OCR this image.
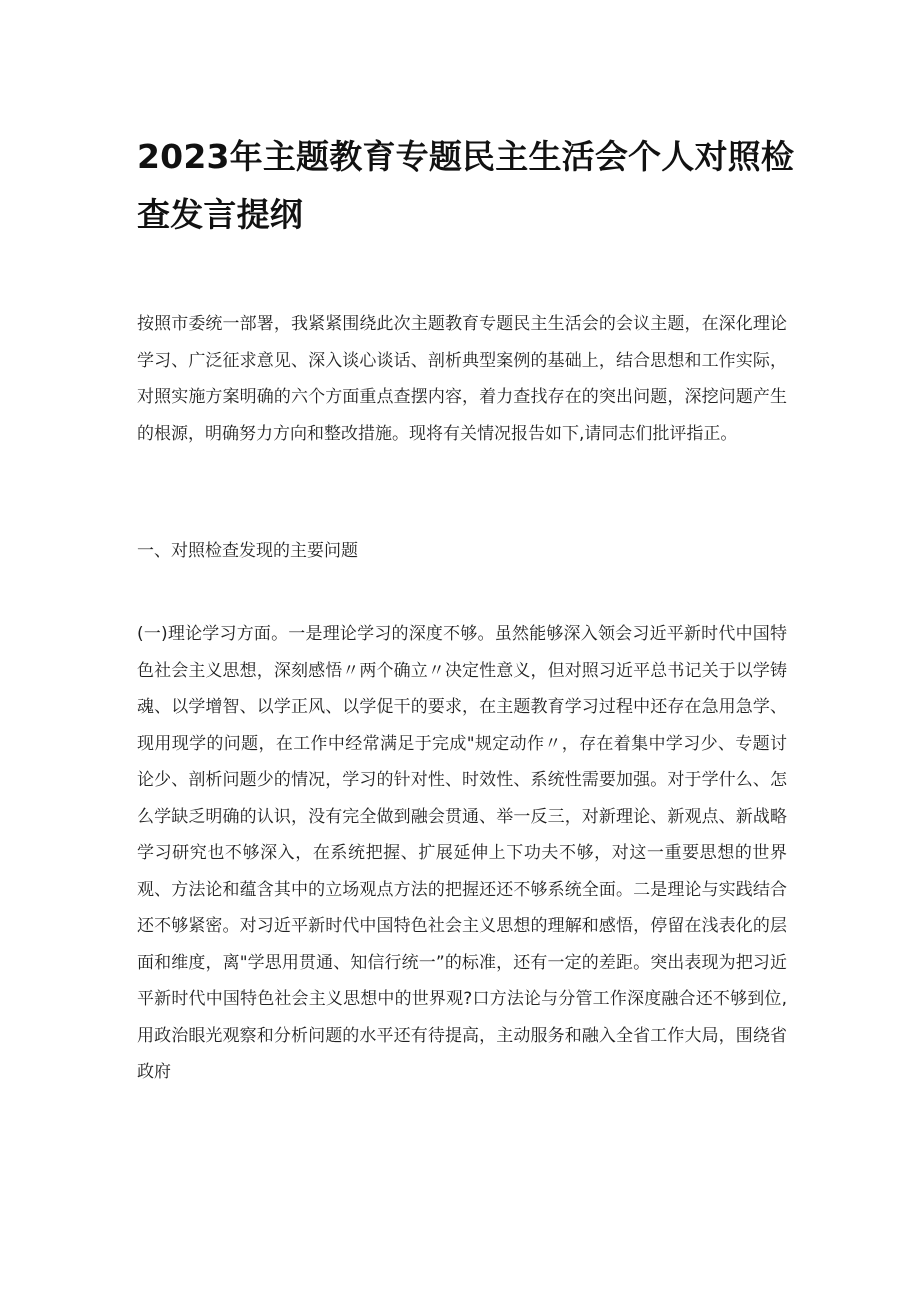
2023年主题教育专题民主生活会个人对照检查发言提纲

按照市委统一部署，我紧紧围绕此次主题教育专题民主生活会的会议主题，在深化理论学习、广泛征求意见、深入谈心谈话、剖析典型案例的基础上，结合思想和工作实际，对照实施方案明确的六个方面重点查摆内容，着力查找存在的突出问题，深挖问题产生的根源，明确努力方向和整改措施。现将有关情况报告如下,请同志们批评指正。

一、对照检查发现的主要问题

(一)理论学习方面。一是理论学习的深度不够。虽然能够深入领会习近平新时代中国特色社会主义思想，深刻感悟〃两个确立〃决定性意义，但对照习近平总书记关于以学铸魂、以学增智、以学正风、以学促干的要求，在主题教育学习过程中还存在急用急学、现用现学的问题，在工作中经常满足于完成"规定动作〃，存在着集中学习少、专题讨论少、剖析问题少的情况，学习的针对性、时效性、系统性需要加强。对于学什么、怎么学缺乏明确的认识，没有完全做到融会贯通、举一反三，对新理论、新观点、新战略学习研究也不够深入，在系统把握、扩展延伸上下功夫不够，对这一重要思想的世界观、方法论和蕴含其中的立场观点方法的把握还还不够系统全面。二是理论与实践结合还不够紧密。对习近平新时代中国特色社会主义思想的理解和感悟，停留在浅表化的层面和维度，离"学思用贯通、知信行统一”的标准，还有一定的差距。突出表现为把习近平新时代中国特色社会主义思想中的世界观?口方法论与分管工作深度融合还不够到位,用政治眼光观察和分析问题的水平还有待提高，主动服务和融入全省工作大局，围绕省政府
